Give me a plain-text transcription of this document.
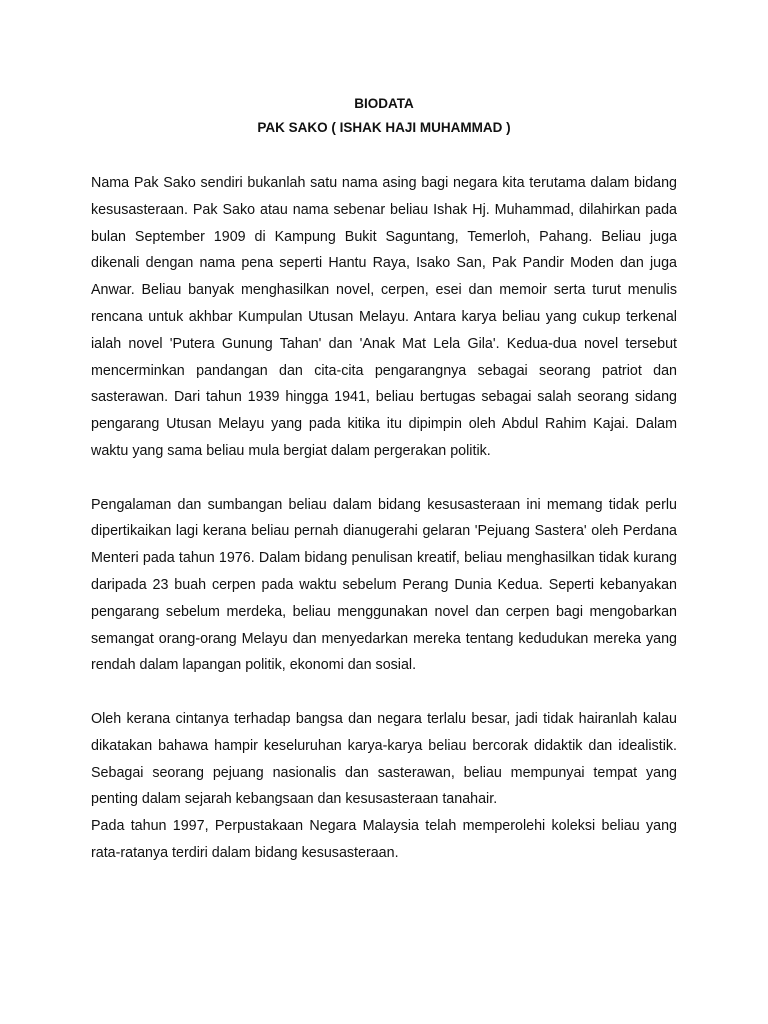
BIODATA

PAK SAKO ( ISHAK HAJI MUHAMMAD )

Nama Pak Sako sendiri bukanlah satu nama asing bagi negara kita terutama dalam bidang kesusasteraan. Pak Sako atau nama sebenar beliau Ishak Hj. Muhammad, dilahirkan pada bulan September 1909 di Kampung Bukit Saguntang, Temerloh, Pahang. Beliau juga dikenali dengan nama pena seperti Hantu Raya, Isako San, Pak Pandir Moden dan juga Anwar. Beliau banyak menghasilkan novel, cerpen, esei dan memoir serta turut menulis rencana untuk akhbar Kumpulan Utusan Melayu. Antara karya beliau yang cukup terkenal ialah novel 'Putera Gunung Tahan' dan 'Anak Mat Lela Gila'. Kedua-dua novel tersebut mencerminkan pandangan dan cita-cita pengarangnya sebagai seorang patriot dan sasterawan. Dari tahun 1939 hingga 1941, beliau bertugas sebagai salah seorang sidang pengarang Utusan Melayu yang pada kitika itu dipimpin oleh Abdul Rahim Kajai. Dalam waktu yang sama beliau mula bergiat dalam pergerakan politik.

Pengalaman dan sumbangan beliau dalam bidang kesusasteraan ini memang tidak perlu dipertikaikan lagi kerana beliau pernah dianugerahi gelaran 'Pejuang Sastera' oleh Perdana Menteri pada tahun 1976. Dalam bidang penulisan kreatif, beliau menghasilkan tidak kurang daripada 23 buah cerpen pada waktu sebelum Perang Dunia Kedua. Seperti kebanyakan pengarang sebelum merdeka, beliau menggunakan novel dan cerpen bagi mengobarkan semangat orang-orang Melayu dan menyedarkan mereka tentang kedudukan mereka yang rendah dalam lapangan politik, ekonomi dan sosial.

Oleh kerana cintanya terhadap bangsa dan negara terlalu besar, jadi tidak hairanlah kalau dikatakan bahawa hampir keseluruhan karya-karya beliau bercorak didaktik dan idealistik. Sebagai seorang pejuang nasionalis dan sasterawan, beliau mempunyai tempat yang penting dalam sejarah kebangsaan dan kesusasteraan tanahair.

Pada tahun 1997, Perpustakaan Negara Malaysia telah memperolehi koleksi beliau yang rata-ratanya terdiri dalam bidang kesusasteraan.
